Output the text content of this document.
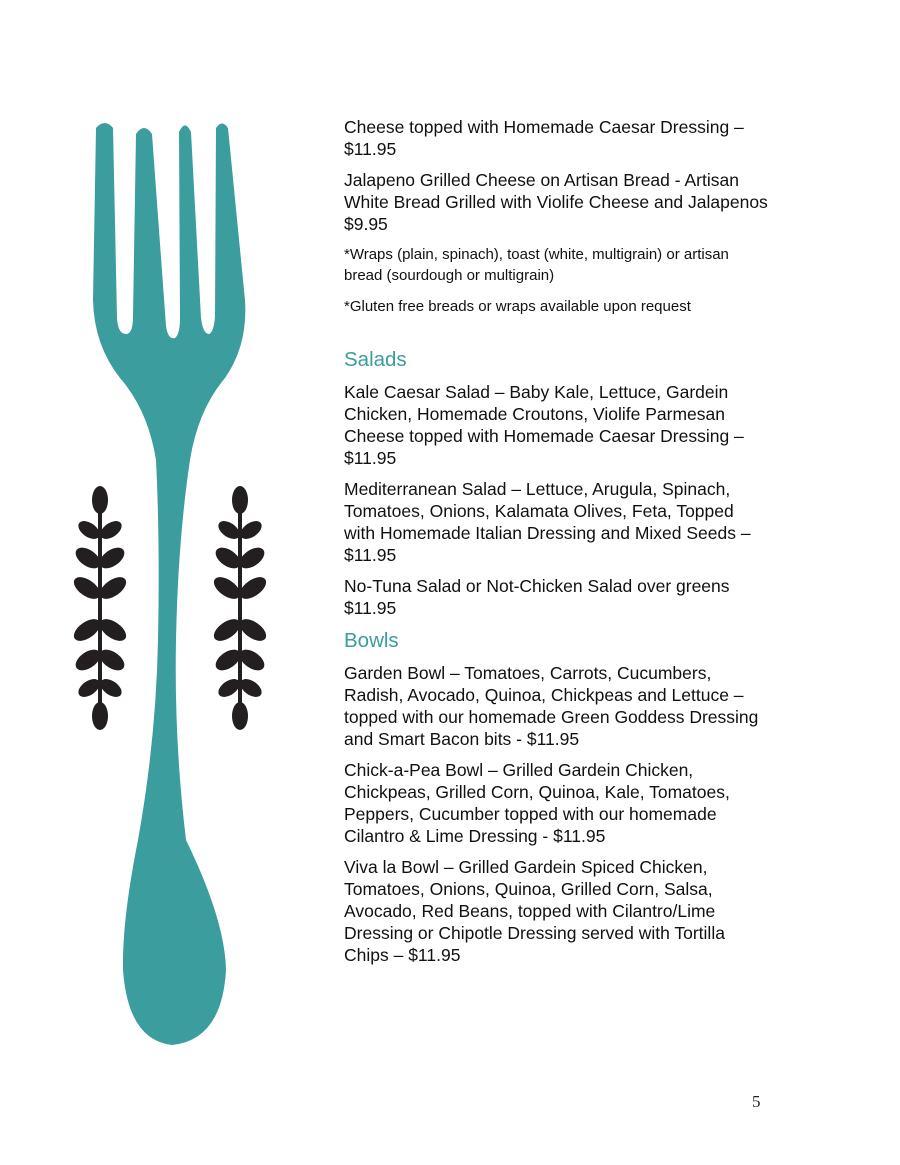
Cheese topped with Homemade Caesar Dressing – $11.95

Jalapeno Grilled Cheese on Artisan Bread - Artisan White Bread Grilled with Violife Cheese and Jalapenos $9.95

*Wraps (plain, spinach), toast (white, multigrain) or artisan bread (sourdough or multigrain)

*Gluten free breads or wraps available upon request

Salads

Kale Caesar Salad – Baby Kale, Lettuce, Gardein Chicken, Homemade Croutons, Violife Parmesan Cheese topped with Homemade Caesar Dressing – $11.95

Mediterranean Salad – Lettuce, Arugula, Spinach, Tomatoes, Onions, Kalamata Olives, Feta, Topped with Homemade Italian Dressing and Mixed Seeds – $11.95

No-Tuna Salad or Not-Chicken Salad over greens $11.95

Bowls

Garden Bowl – Tomatoes, Carrots, Cucumbers, Radish, Avocado, Quinoa, Chickpeas and Lettuce – topped with our homemade Green Goddess Dressing and Smart Bacon bits - $11.95

Chick-a-Pea Bowl – Grilled Gardein Chicken, Chickpeas, Grilled Corn, Quinoa, Kale, Tomatoes, Peppers, Cucumber topped with our homemade Cilantro & Lime Dressing - $11.95

Viva la Bowl – Grilled Gardein Spiced Chicken, Tomatoes, Onions, Quinoa, Grilled Corn, Salsa, Avocado, Red Beans, topped with Cilantro/Lime Dressing or Chipotle Dressing served with Tortilla Chips – $11.95

5
